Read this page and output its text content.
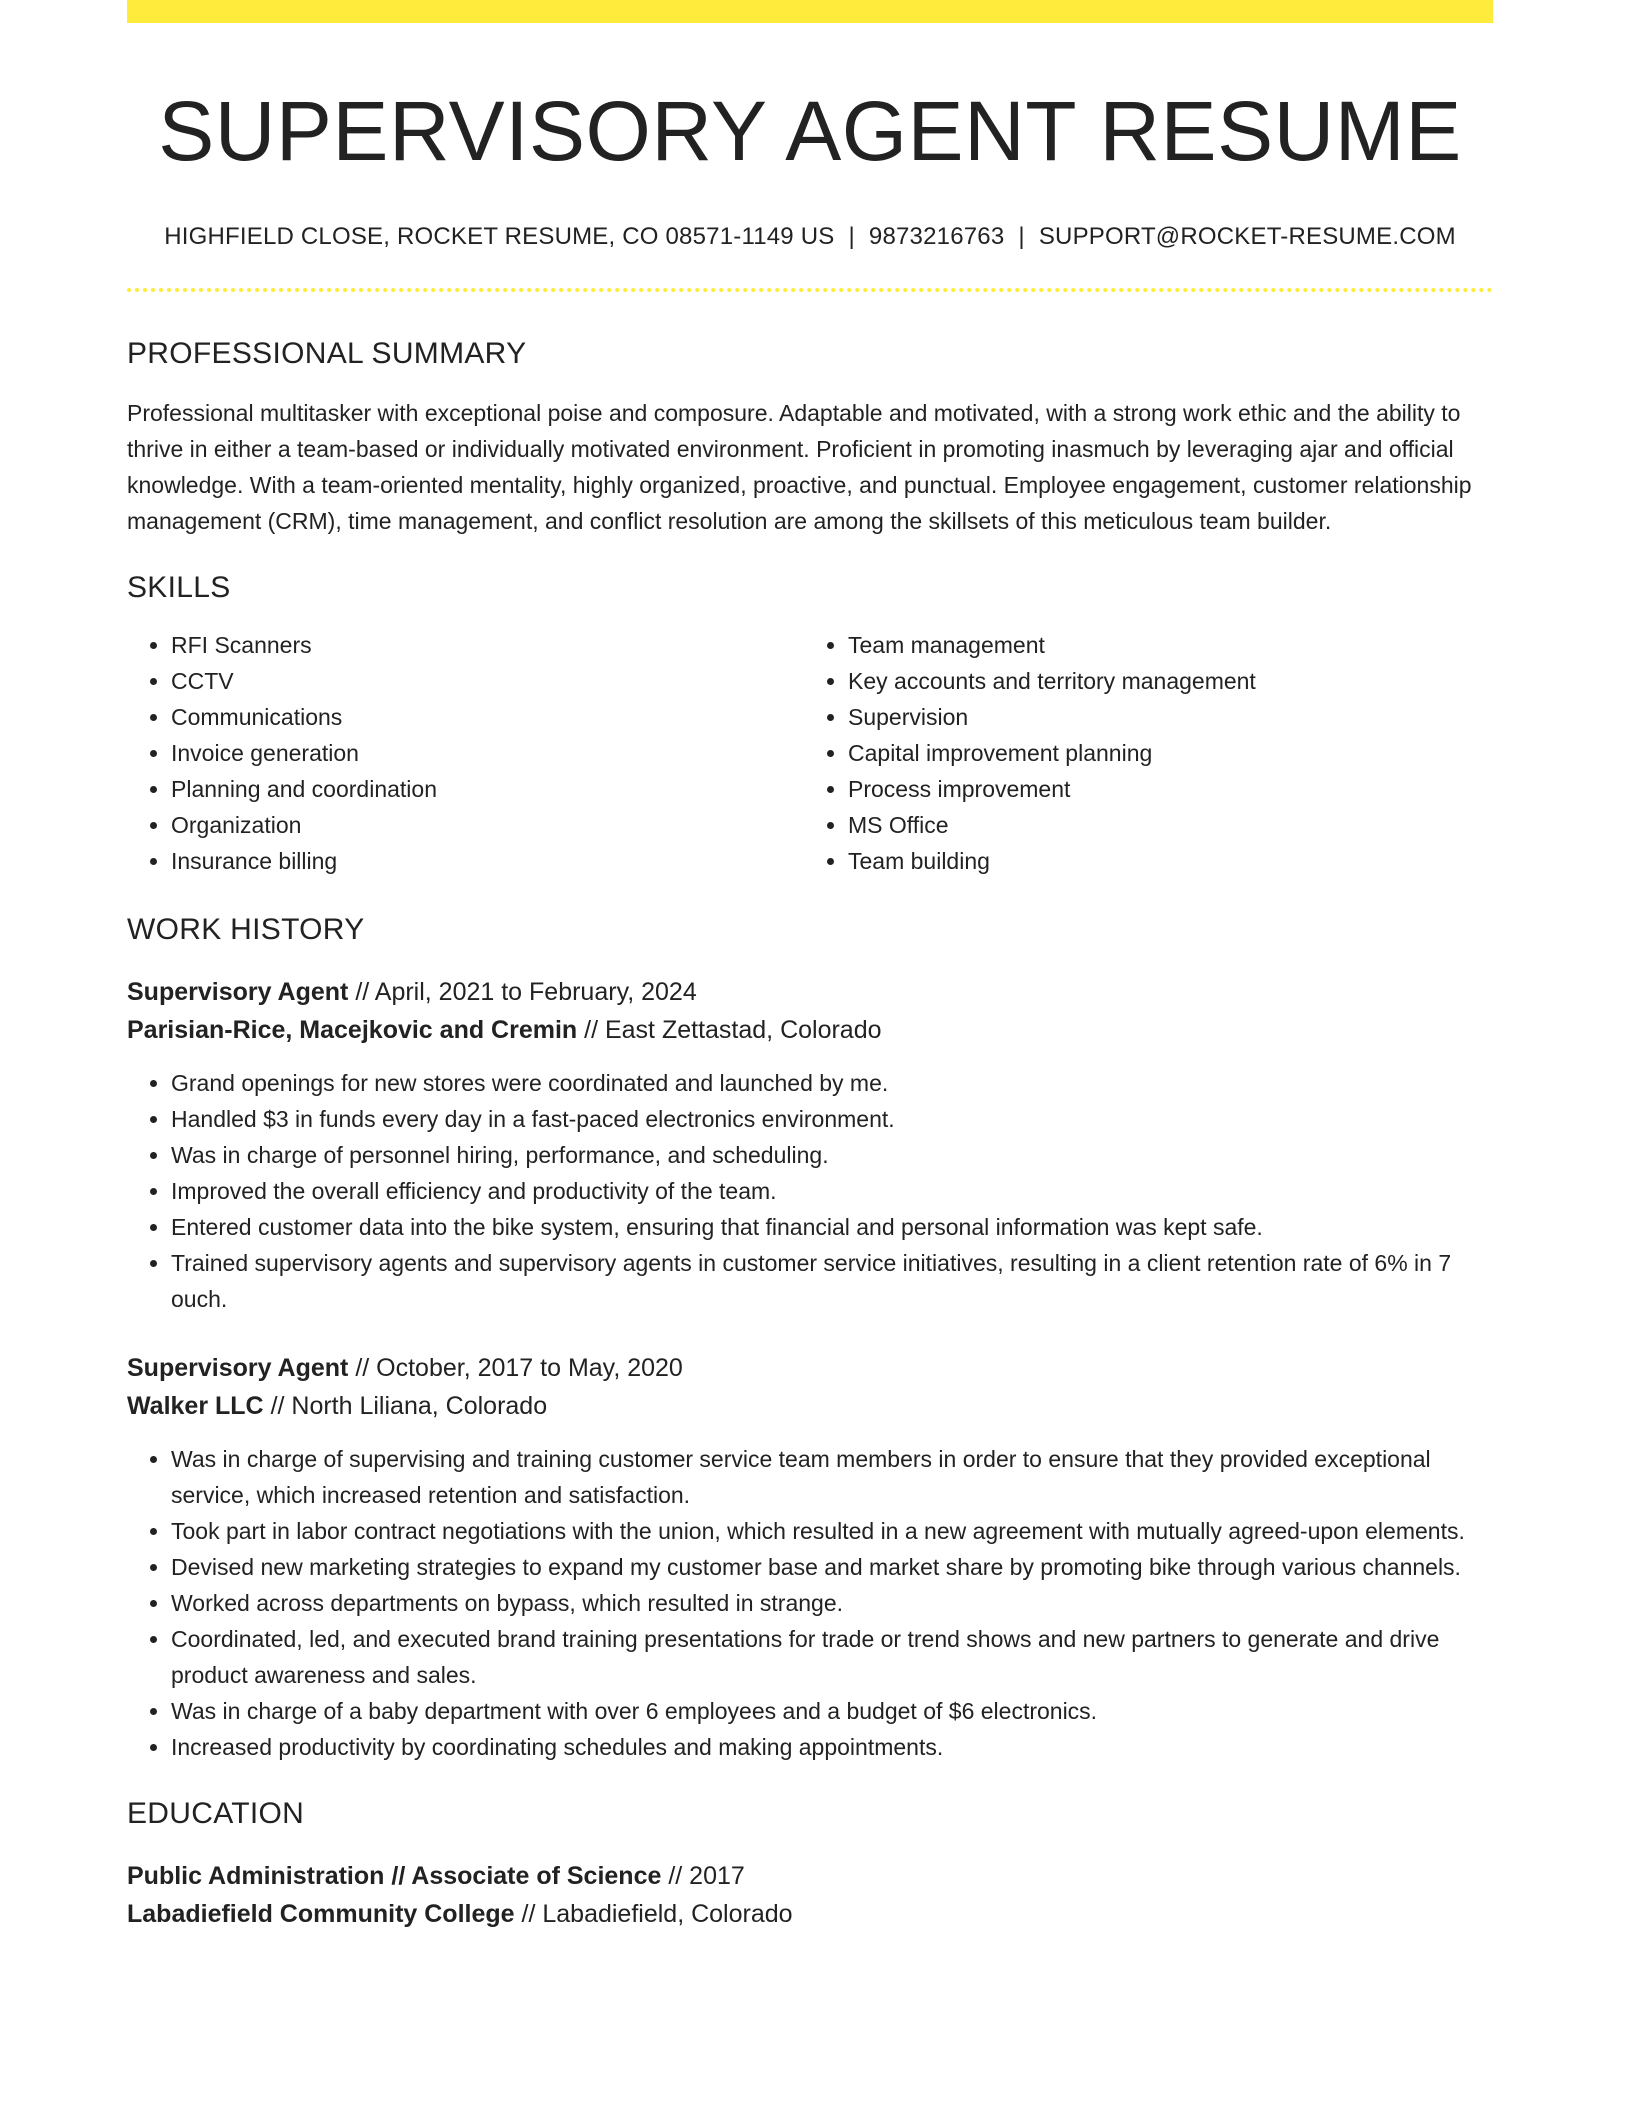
SUPERVISORY AGENT RESUME
HIGHFIELD CLOSE, ROCKET RESUME, CO 08571-1149 US | 9873216763 | SUPPORT@ROCKET-RESUME.COM
PROFESSIONAL SUMMARY
Professional multitasker with exceptional poise and composure. Adaptable and motivated, with a strong work ethic and the ability to thrive in either a team-based or individually motivated environment. Proficient in promoting inasmuch by leveraging ajar and official knowledge. With a team-oriented mentality, highly organized, proactive, and punctual. Employee engagement, customer relationship management (CRM), time management, and conflict resolution are among the skillsets of this meticulous team builder.
SKILLS
• RFI Scanners
• CCTV
• Communications
• Invoice generation
• Planning and coordination
• Organization
• Insurance billing
• Team management
• Key accounts and territory management
• Supervision
• Capital improvement planning
• Process improvement
• MS Office
• Team building
WORK HISTORY
Supervisory Agent // April, 2021 to February, 2024
Parisian-Rice, Macejkovic and Cremin // East Zettastad, Colorado
• Grand openings for new stores were coordinated and launched by me.
• Handled $3 in funds every day in a fast-paced electronics environment.
• Was in charge of personnel hiring, performance, and scheduling.
• Improved the overall efficiency and productivity of the team.
• Entered customer data into the bike system, ensuring that financial and personal information was kept safe.
• Trained supervisory agents and supervisory agents in customer service initiatives, resulting in a client retention rate of 6% in 7 ouch.
Supervisory Agent // October, 2017 to May, 2020
Walker LLC // North Liliana, Colorado
• Was in charge of supervising and training customer service team members in order to ensure that they provided exceptional service, which increased retention and satisfaction.
• Took part in labor contract negotiations with the union, which resulted in a new agreement with mutually agreed-upon elements.
• Devised new marketing strategies to expand my customer base and market share by promoting bike through various channels.
• Worked across departments on bypass, which resulted in strange.
• Coordinated, led, and executed brand training presentations for trade or trend shows and new partners to generate and drive product awareness and sales.
• Was in charge of a baby department with over 6 employees and a budget of $6 electronics.
• Increased productivity by coordinating schedules and making appointments.
EDUCATION
Public Administration // Associate of Science // 2017
Labadiefield Community College // Labadiefield, Colorado
